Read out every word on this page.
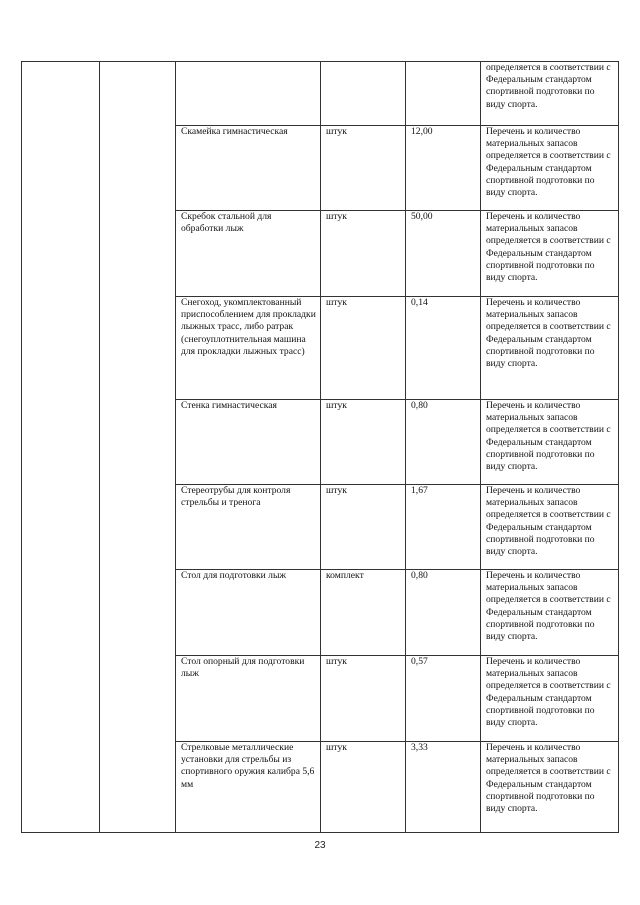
					определяется в соответствии с Федеральным стандартом спортивной подготовки по виду спорта.
		Скамейка гимнастическая	штук	12,00	Перечень и количество материальных запасов определяется в соответствии с Федеральным стандартом спортивной подготовки по виду спорта.
		Скребок стальной для обработки лыж	штук	50,00	Перечень и количество материальных запасов определяется в соответствии с Федеральным стандартом спортивной подготовки по виду спорта.
		Снегоход, укомплектованный приспособлением для прокладки лыжных трасс, либо ратрак (снегоуплотнительная машина для прокладки лыжных трасс)	штук	0,14	Перечень и количество материальных запасов определяется в соответствии с Федеральным стандартом спортивной подготовки по виду спорта.
		Стенка гимнастическая	штук	0,80	Перечень и количество материальных запасов определяется в соответствии с Федеральным стандартом спортивной подготовки по виду спорта.
		Стереотрубы для контроля стрельбы и тренога	штук	1,67	Перечень и количество материальных запасов определяется в соответствии с Федеральным стандартом спортивной подготовки по виду спорта.
		Стол для подготовки лыж	комплект	0,80	Перечень и количество материальных запасов определяется в соответствии с Федеральным стандартом спортивной подготовки по виду спорта.
		Стол опорный для подготовки лыж	штук	0,57	Перечень и количество материальных запасов определяется в соответствии с Федеральным стандартом спортивной подготовки по виду спорта.
		Стрелковые металлические установки для стрельбы из спортивного оружия калибра 5,6 мм	штук	3,33	Перечень и количество материальных запасов определяется в соответствии с Федеральным стандартом спортивной подготовки по виду спорта.
23
